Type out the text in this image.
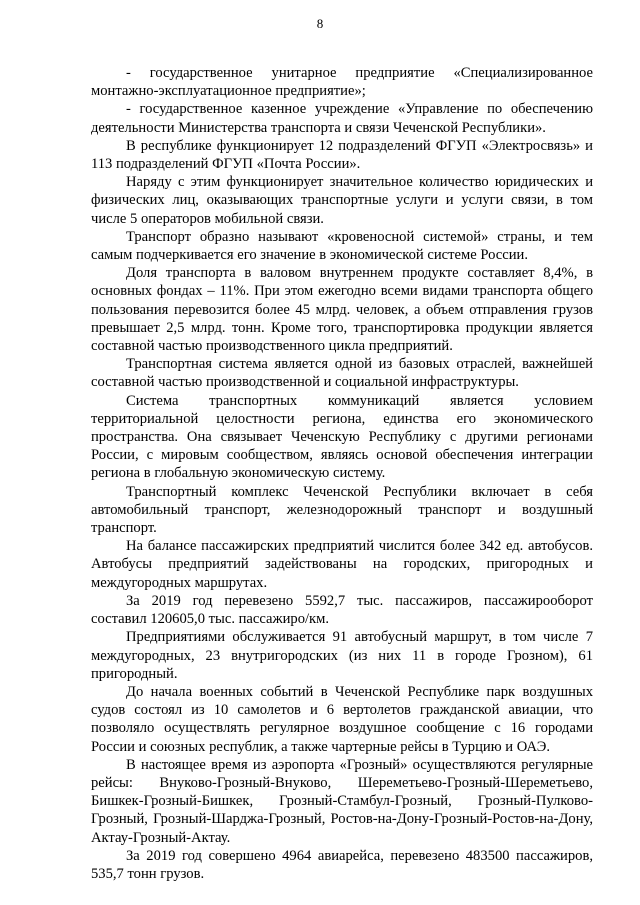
8

- государственное унитарное предприятие «Специализированное монтажно-эксплуатационное предприятие»;

- государственное казенное учреждение «Управление по обеспечению деятельности Министерства транспорта и связи Чеченской Республики».

В республике функционирует 12 подразделений ФГУП «Электросвязь» и 113 подразделений ФГУП «Почта России».

Наряду с этим функционирует значительное количество юридических и физических лиц, оказывающих транспортные услуги и услуги связи, в том числе 5 операторов мобильной связи.

Транспорт образно называют «кровеносной системой» страны, и тем самым подчеркивается его значение в экономической системе России.

Доля транспорта в валовом внутреннем продукте составляет 8,4%, в основных фондах – 11%. При этом ежегодно всеми видами транспорта общего пользования перевозится более 45 млрд. человек, а объем отправления грузов превышает 2,5 млрд. тонн. Кроме того, транспортировка продукции является составной частью производственного цикла предприятий.

Транспортная система является одной из базовых отраслей, важнейшей составной частью производственной и социальной инфраструктуры.

Система транспортных коммуникаций является условием территориальной целостности региона, единства его экономического пространства. Она связывает Чеченскую Республику с другими регионами России, с мировым сообществом, являясь основой обеспечения интеграции региона в глобальную экономическую систему.

Транспортный комплекс Чеченской Республики включает в себя автомобильный транспорт, железнодорожный транспорт и воздушный транспорт.

На балансе пассажирских предприятий числится более 342 ед. автобусов. Автобусы предприятий задействованы на городских, пригородных и междугородных маршрутах.

За 2019 год перевезено 5592,7 тыс. пассажиров, пассажирооборот составил 120605,0 тыс. пассажиро/км.

Предприятиями обслуживается 91 автобусный маршрут, в том числе 7 междугородных, 23 внутригородских (из них 11 в городе Грозном), 61 пригородный.

До начала военных событий в Чеченской Республике парк воздушных судов состоял из 10 самолетов и 6 вертолетов гражданской авиации, что позволяло осуществлять регулярное воздушное сообщение с 16 городами России и союзных республик, а также чартерные рейсы в Турцию и ОАЭ.

В настоящее время из аэропорта «Грозный» осуществляются регулярные рейсы: Внуково-Грозный-Внуково, Шереметьево-Грозный-Шереметьево, Бишкек-Грозный-Бишкек, Грозный-Стамбул-Грозный, Грозный-Пулково-Грозный, Грозный-Шарджа-Грозный, Ростов-на-Дону-Грозный-Ростов-на-Дону, Актау-Грозный-Актау.

За 2019 год совершено 4964 авиарейса, перевезено 483500 пассажиров, 535,7 тонн грузов.
